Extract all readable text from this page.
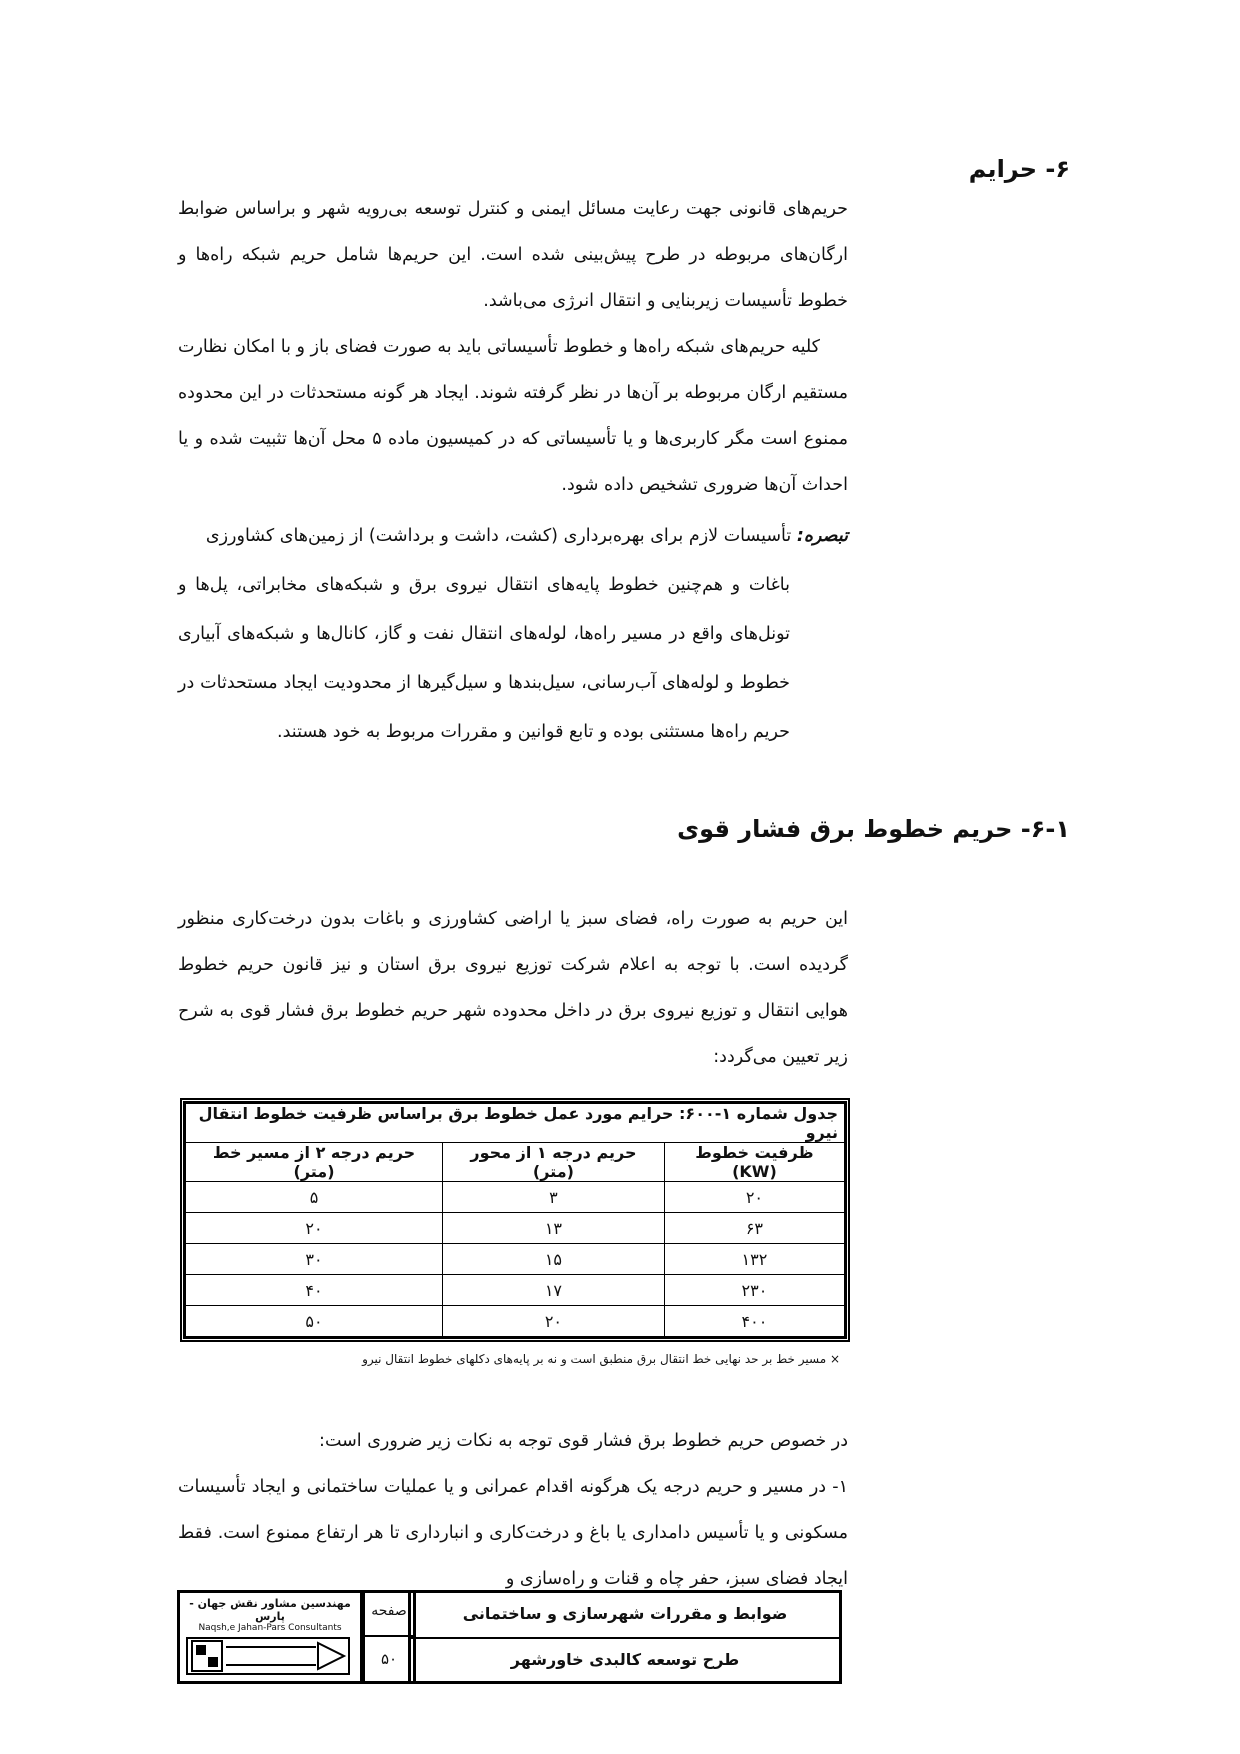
۶- حرایم

حریم‌های قانونی جهت رعایت مسائل ایمنی و کنترل توسعه بی‌رویه شهر و براساس ضوابط ارگان‌های مربوطه در طرح پیش‌بینی شده است. این حریم‌ها شامل حریم شبکه راه‌ها و خطوط تأسیسات زیربنایی و انتقال انرژی می‌باشد.

کلیه حریم‌های شبکه راه‌ها و خطوط تأسیساتی باید به صورت فضای باز و با امکان نظارت مستقیم ارگان مربوطه بر آن‌ها در نظر گرفته شوند. ایجاد هر گونه مستحدثات در این محدوده ممنوع است مگر کاربری‌ها و یا تأسیساتی که در کمیسیون ماده ۵ محل آن‌ها تثبیت شده و یا احداث آن‌ها ضروری تشخیص داده شود.

تبصره: تأسیسات لازم برای بهره‌برداری (کشت، داشت و برداشت) از زمین‌های کشاورزی
باغات و هم‌چنین خطوط پایه‌های انتقال نیروی برق و شبکه‌های مخابراتی، پل‌ها و تونل‌های واقع در مسیر راه‌ها، لوله‌های انتقال نفت و گاز، کانال‌ها و شبکه‌های آبیاری خطوط و لوله‌های آب‌رسانی، سیل‌بندها و سیل‌گیرها از محدودیت ایجاد مستحدثات در حریم راه‌ها مستثنی بوده و تابع قوانین و مقررات مربوط به خود هستند.
۶-۱- حریم خطوط برق فشار قوی
این حریم به صورت راه، فضای سبز یا اراضی کشاورزی و باغات بدون درخت‌کاری منظور گردیده است. با توجه به اعلام شرکت توزیع نیروی برق استان و نیز قانون حریم خطوط هوایی انتقال و توزیع نیروی برق در داخل محدوده شهر حریم خطوط برق فشار قوی به شرح زیر تعیین می‌گردد:
جدول شماره ۱-۶۰۰: حرایم مورد عمل خطوط برق براساس ظرفیت خطوط انتقال نیرو		
ظرفیت خطوط (KW)	حریم درجه ۱ از محور (متر)	حریم درجه ۲ از مسیر خط (متر)
۲۰	۳	۵
۶۳	۱۳	۲۰
۱۳۲	۱۵	۳۰
۲۳۰	۱۷	۴۰
۴۰۰	۲۰	۵۰
× مسیر خط بر حد نهایی خط انتقال برق منطبق است و نه بر پایه‌های دکلهای خطوط انتقال نیرو

در خصوص حریم خطوط برق فشار قوی توجه به نکات زیر ضروری است:

۱- در مسیر و حریم درجه یک هرگونه اقدام عمرانی و یا عملیات ساختمانی و ایجاد تأسیسات مسکونی و یا تأسیس دامداری یا باغ و درخت‌کاری و انبارداری تا هر ارتفاع ممنوع است. فقط ایجاد فضای سبز، حفر چاه و قنات و راه‌سازی و

ضوابط و مقررات شهرسازی و ساختمانی
طرح توسعه کالبدی خاورشهر
صفحه
۵۰
مهندسین مشاور نقش جهان - پارس
Naqsh,e Jahan-Pars Consultants
